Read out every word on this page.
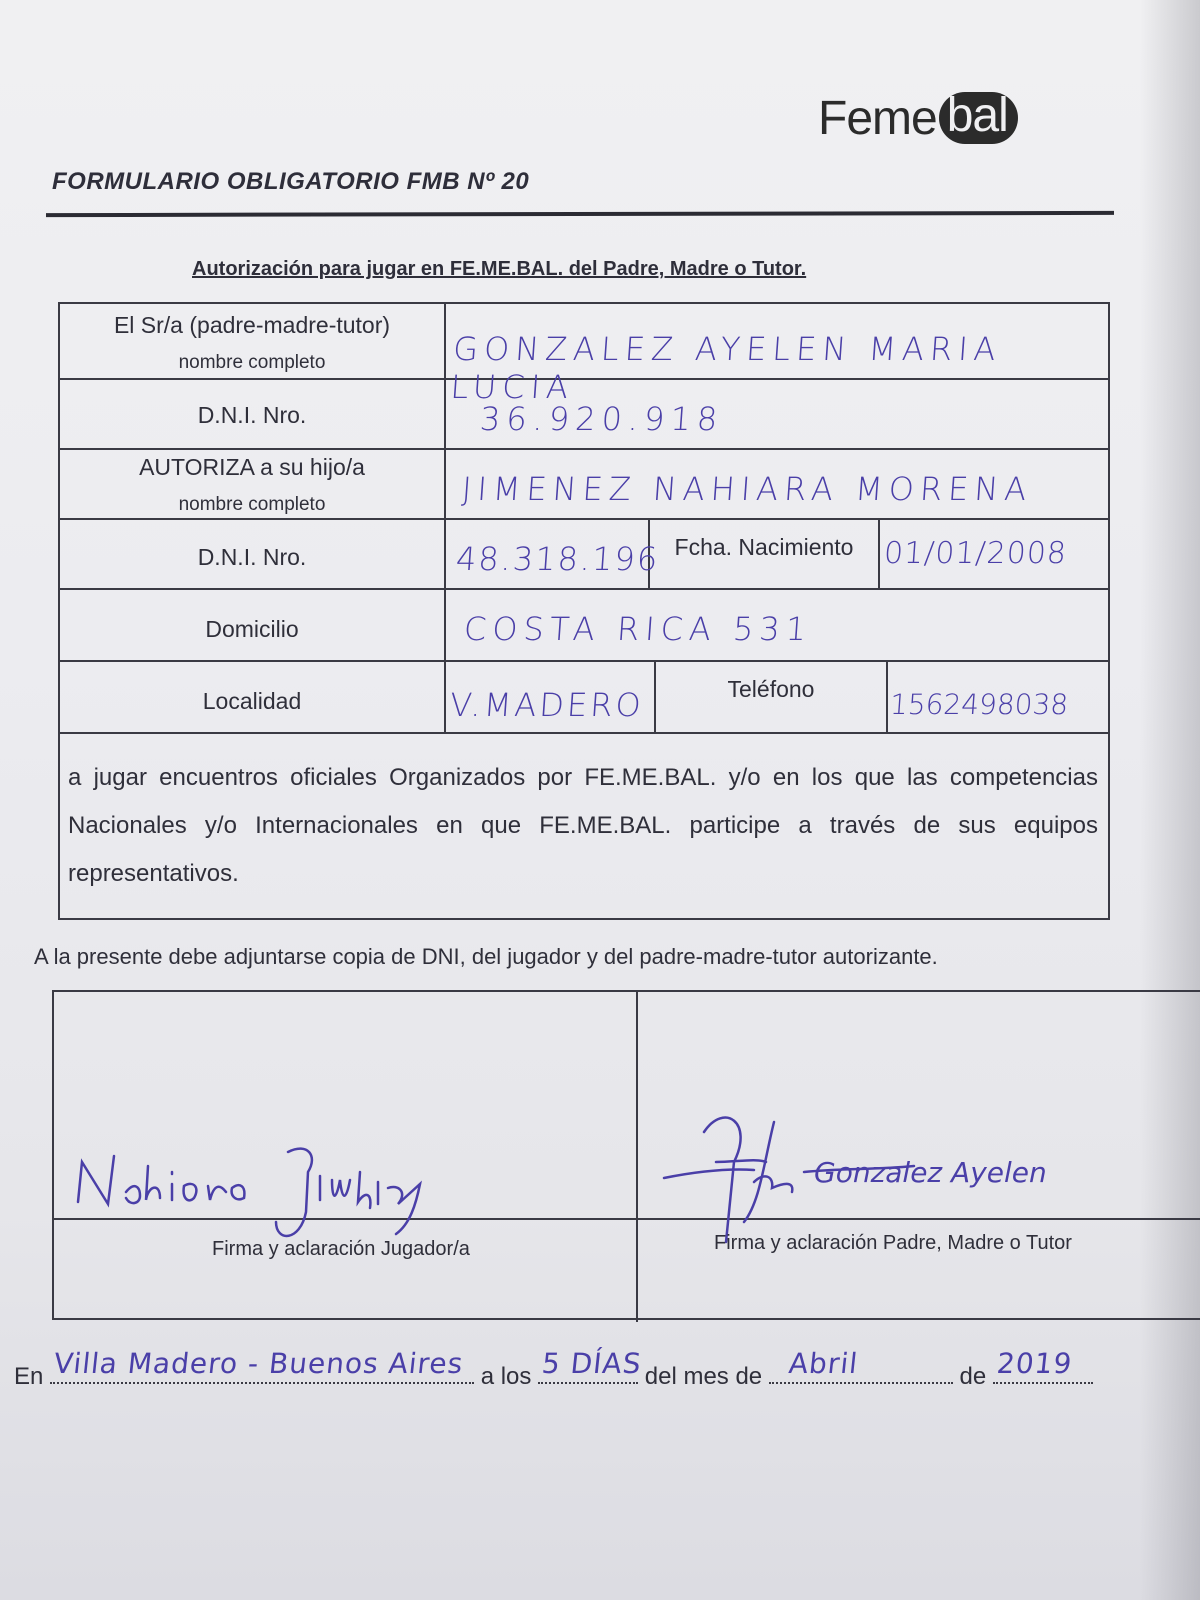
Feme bal
FORMULARIO OBLIGATORIO FMB Nº 20
Autorización para jugar en FE.ME.BAL. del Padre, Madre o Tutor.
El Sr/a (padre-madre-tutor)
nombre completo	GONZALEZ AYELEN MARIA LUCIA
D.N.I. Nro.	36.920.918
AUTORIZA a su hijo/a
nombre completo	JIMENEZ NAHIARA MORENA
D.N.I. Nro.	48.318.196 Fcha. Nacimiento 01/01/2008
Domicilio	COSTA RICA 531
Localidad	V.MADERO	Teléfono	1562498038
a jugar encuentros oficiales Organizados por FE.ME.BAL. y/o en los que las competencias Nacionales y/o Internacionales en que FE.ME.BAL. participe a través de sus equipos representativos.
A la presente debe adjuntarse copia de DNI, del jugador y del padre-madre-tutor autorizante.
Firma y aclaración Jugador/a
Gonzalez Ayelen
Firma y aclaración Padre, Madre o Tutor
En Villa Madero - Buenos Aires a los 5 DÍAS del mes de Abril	de 2019
